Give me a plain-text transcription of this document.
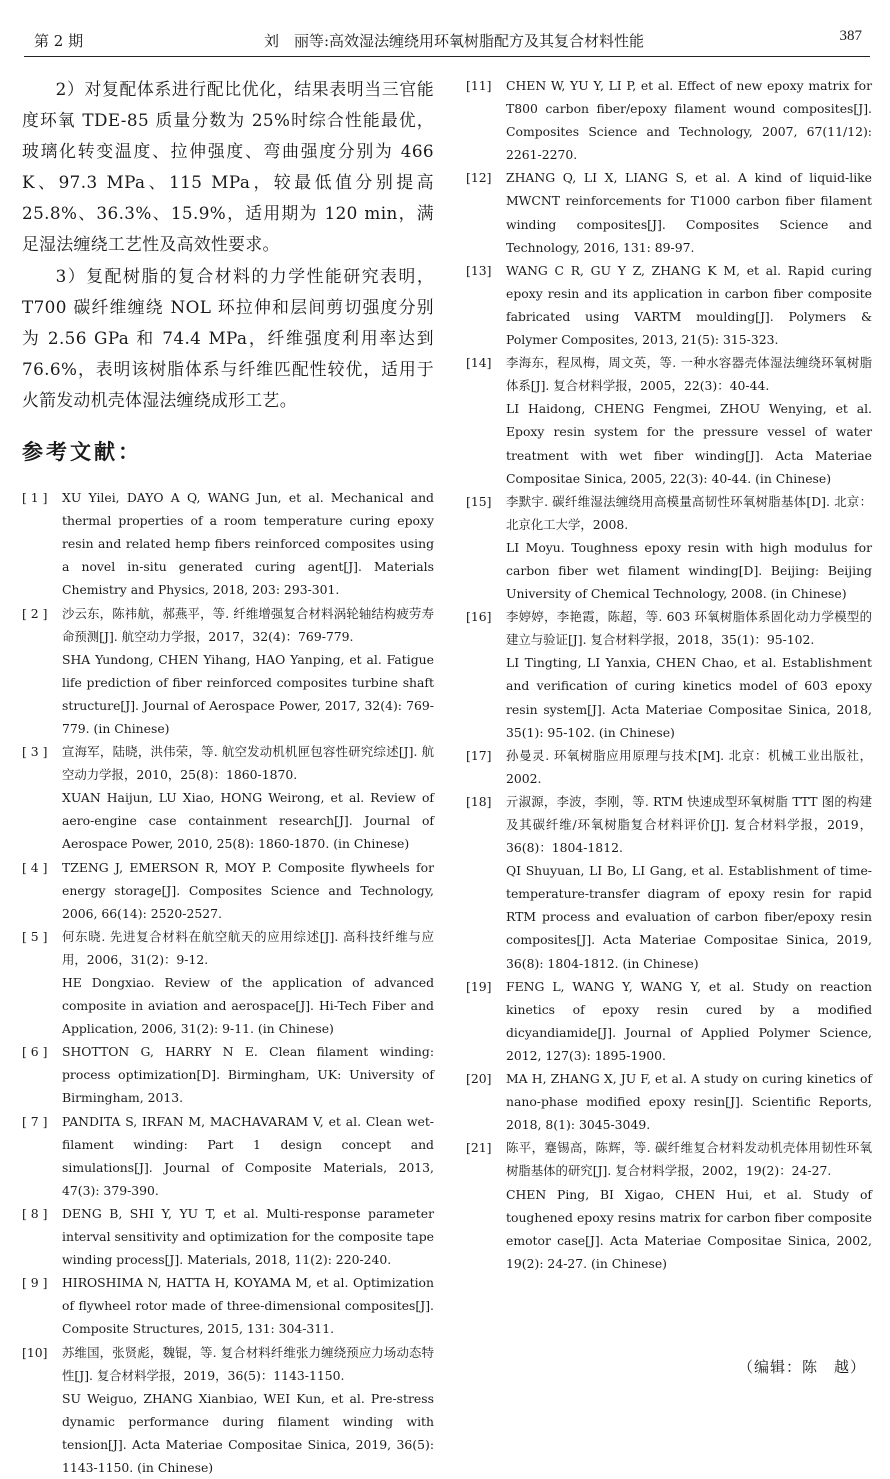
第 2 期	刘　丽等:高效湿法缠绕用环氧树脂配方及其复合材料性能	387

2）对复配体系进行配比优化，结果表明当三官能度环氧 TDE-85 质量分数为 25%时综合性能最优，玻璃化转变温度、拉伸强度、弯曲强度分别为 466 K、97.3 MPa、115 MPa，较最低值分别提高 25.8%、36.3%、15.9%，适用期为 120 min，满足湿法缠绕工艺性及高效性要求。

3）复配树脂的复合材料的力学性能研究表明，T700 碳纤维缠绕 NOL 环拉伸和层间剪切强度分别为 2.56 GPa 和 74.4 MPa，纤维强度利用率达到 76.6%，表明该树脂体系与纤维匹配性较优，适用于火箭发动机壳体湿法缠绕成形工艺。

参考文献：
[ 1 ]	XU Yilei, DAYO A Q, WANG Jun, et al. Mechanical and thermal properties of a room temperature curing epoxy resin and related hemp fibers reinforced composites using a novel in-situ generated curing agent[J]. Materials Chemistry and Physics, 2018, 203: 293-301.
[ 2 ]	沙云东，陈祎航，郝燕平，等. 纤维增强复合材料涡轮轴结构疲劳寿命预测[J]. 航空动力学报，2017，32(4)：769-779.
SHA Yundong, CHEN Yihang, HAO Yanping, et al. Fatigue life prediction of fiber reinforced composites turbine shaft structure[J]. Journal of Aerospace Power, 2017, 32(4): 769-779. (in Chinese)
[ 3 ]	宣海军，陆晓，洪伟荣，等. 航空发动机机匣包容性研究综述[J]. 航空动力学报，2010，25(8)：1860-1870.
XUAN Haijun, LU Xiao, HONG Weirong, et al. Review of aero-engine case containment research[J]. Journal of Aerospace Power, 2010, 25(8): 1860-1870. (in Chinese)
[ 4 ]	TZENG J, EMERSON R, MOY P. Composite flywheels for energy storage[J]. Composites Science and Technology, 2006, 66(14): 2520-2527.
[ 5 ]	何东晓. 先进复合材料在航空航天的应用综述[J]. 高科技纤维与应用，2006，31(2)：9-12.
HE Dongxiao. Review of the application of advanced composite in aviation and aerospace[J]. Hi-Tech Fiber and Application, 2006, 31(2): 9-11. (in Chinese)
[ 6 ]	SHOTTON G, HARRY N E. Clean filament winding: process optimization[D]. Birmingham, UK: University of Birmingham, 2013.
[ 7 ]	PANDITA S, IRFAN M, MACHAVARAM V, et al. Clean wet-filament winding: Part 1 design concept and simulations[J]. Journal of Composite Materials, 2013, 47(3): 379-390.
[ 8 ]	DENG B, SHI Y, YU T, et al. Multi-response parameter interval sensitivity and optimization for the composite tape winding process[J]. Materials, 2018, 11(2): 220-240.
[ 9 ]	HIROSHIMA N, HATTA H, KOYAMA M, et al. Optimization of flywheel rotor made of three-dimensional composites[J]. Composite Structures, 2015, 131: 304-311.
[10]	苏维国，张贤彪，魏锟，等. 复合材料纤维张力缠绕预应力场动态特性[J]. 复合材料学报，2019，36(5)：1143-1150.
SU Weiguo, ZHANG Xianbiao, WEI Kun, et al. Pre-stress dynamic performance during filament winding with tension[J]. Acta Materiae Compositae Sinica, 2019, 36(5): 1143-1150. (in Chinese)
[11]	CHEN W, YU Y, LI P, et al. Effect of new epoxy matrix for T800 carbon fiber/epoxy filament wound composites[J]. Composites Science and Technology, 2007, 67(11/12): 2261-2270.
[12]	ZHANG Q, LI X, LIANG S, et al. A kind of liquid-like MWCNT reinforcements for T1000 carbon fiber filament winding composites[J]. Composites Science and Technology, 2016, 131: 89-97.
[13]	WANG C R, GU Y Z, ZHANG K M, et al. Rapid curing epoxy resin and its application in carbon fiber composite fabricated using VARTM moulding[J]. Polymers & Polymer Composites, 2013, 21(5): 315-323.
[14]	李海东，程凤梅，周文英，等. 一种水容器壳体湿法缠绕环氧树脂体系[J]. 复合材料学报，2005，22(3)：40-44.
LI Haidong, CHENG Fengmei, ZHOU Wenying, et al. Epoxy resin system for the pressure vessel of water treatment with wet fiber winding[J]. Acta Materiae Compositae Sinica, 2005, 22(3): 40-44. (in Chinese)
[15]	李默宇. 碳纤维湿法缠绕用高模量高韧性环氧树脂基体[D]. 北京：北京化工大学，2008.
LI Moyu. Toughness epoxy resin with high modulus for carbon fiber wet filament winding[D]. Beijing: Beijing University of Chemical Technology, 2008. (in Chinese)
[16]	李婷婷，李艳霞，陈超，等. 603 环氧树脂体系固化动力学模型的建立与验证[J]. 复合材料学报，2018，35(1)：95-102.
LI Tingting, LI Yanxia, CHEN Chao, et al. Establishment and verification of curing kinetics model of 603 epoxy resin system[J]. Acta Materiae Compositae Sinica, 2018, 35(1): 95-102. (in Chinese)
[17]	孙曼灵. 环氧树脂应用原理与技术[M]. 北京：机械工业出版社，2002.
[18]	亓淑源，李波，李刚，等. RTM 快速成型环氧树脂 TTT 图的构建及其碳纤维/环氧树脂复合材料评价[J]. 复合材料学报，2019，36(8)：1804-1812.
QI Shuyuan, LI Bo, LI Gang, et al. Establishment of time-temperature-transfer diagram of epoxy resin for rapid RTM process and evaluation of carbon fiber/epoxy resin composites[J]. Acta Materiae Compositae Sinica, 2019, 36(8): 1804-1812. (in Chinese)
[19]	FENG L, WANG Y, WANG Y, et al. Study on reaction kinetics of epoxy resin cured by a modified dicyandiamide[J]. Journal of Applied Polymer Science, 2012, 127(3): 1895-1900.
[20]	MA H, ZHANG X, JU F, et al. A study on curing kinetics of nano-phase modified epoxy resin[J]. Scientific Reports, 2018, 8(1): 3045-3049.
[21]	陈平，蹇锡高，陈辉，等. 碳纤维复合材料发动机壳体用韧性环氧树脂基体的研究[J]. 复合材料学报，2002，19(2)：24-27.
CHEN Ping, BI Xigao, CHEN Hui, et al. Study of toughened epoxy resins matrix for carbon fiber composite emotor case[J]. Acta Materiae Compositae Sinica, 2002, 19(2): 24-27. (in Chinese)
（编辑：陈　越）
